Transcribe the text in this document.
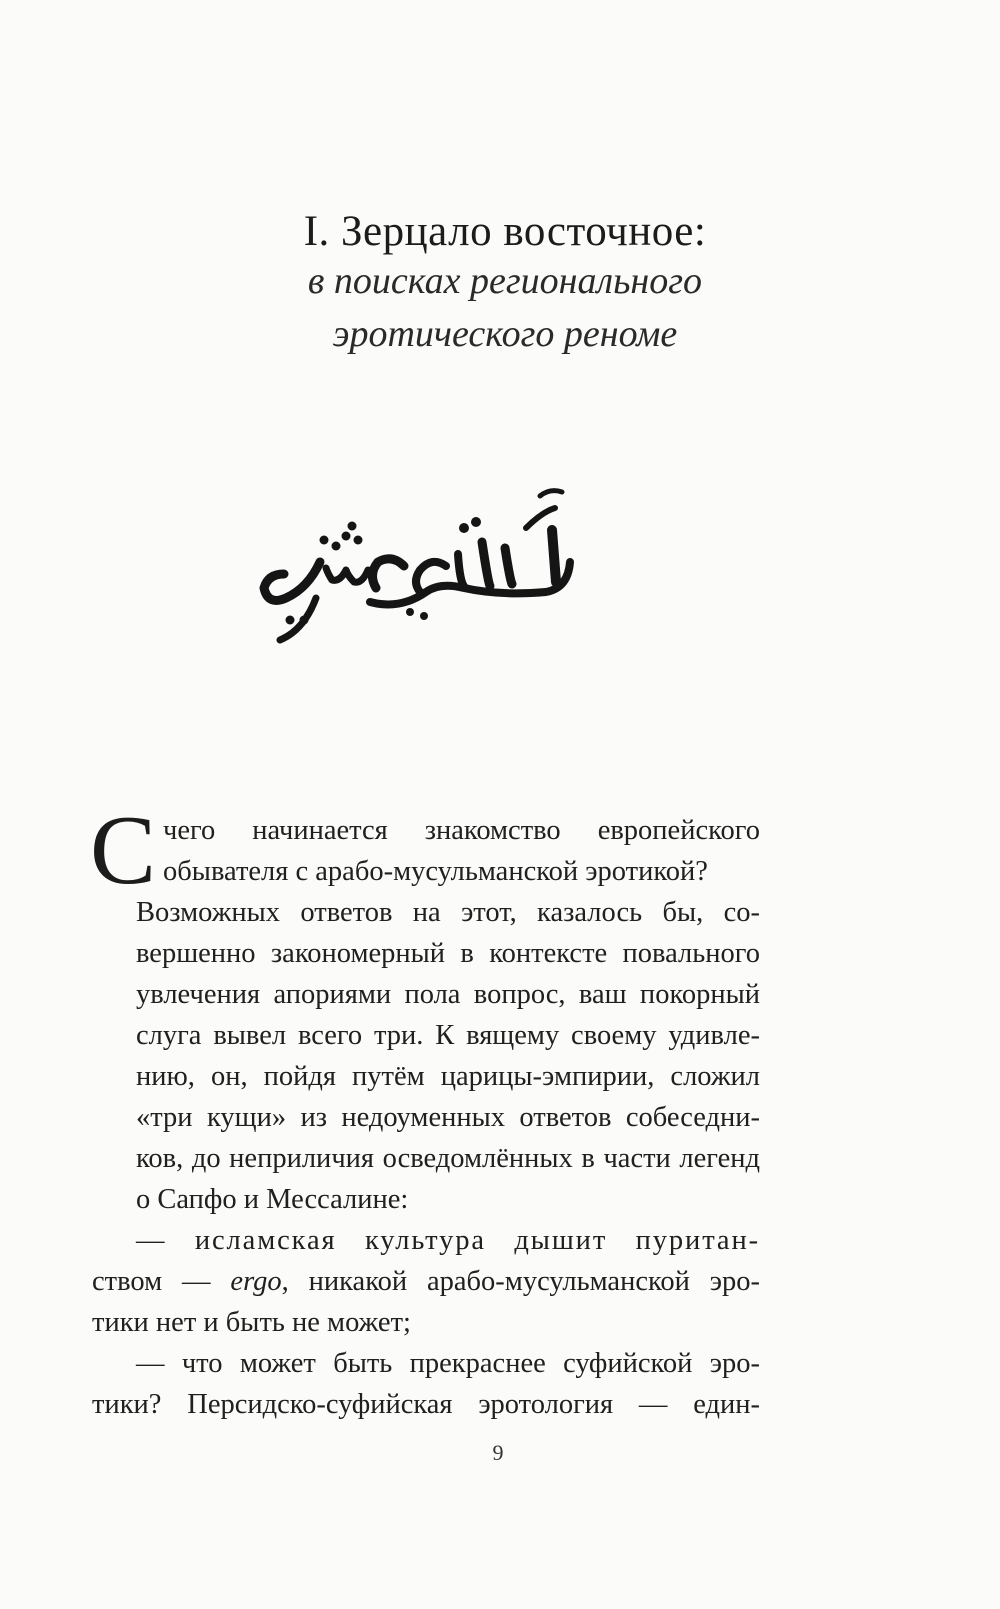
I. Зерцало восточное:
в поисках регионального
эротического реноме

С чего начинается знакомство европейского
обывателя с арабо-мусульманской эротикой?

Возможных ответов на этот, казалось бы, со-
вершенно закономерный в контексте повального
увлечения апориями пола вопрос, ваш покорный
слуга вывел всего три. К вящему своему удивле-
нию, он, пойдя путём царицы-эмпирии, сложил
«три кущи» из недоуменных ответов собеседни-
ков, до неприличия осведомлённых в части легенд
о Сапфо и Мессалине:

— исламская культура дышит пуритан-
ством — ergo, никакой арабо-мусульманской эро-
тики нет и быть не может;

— что может быть прекраснее суфийской эро-
тики? Персидско-суфийская эротология — един-

9
